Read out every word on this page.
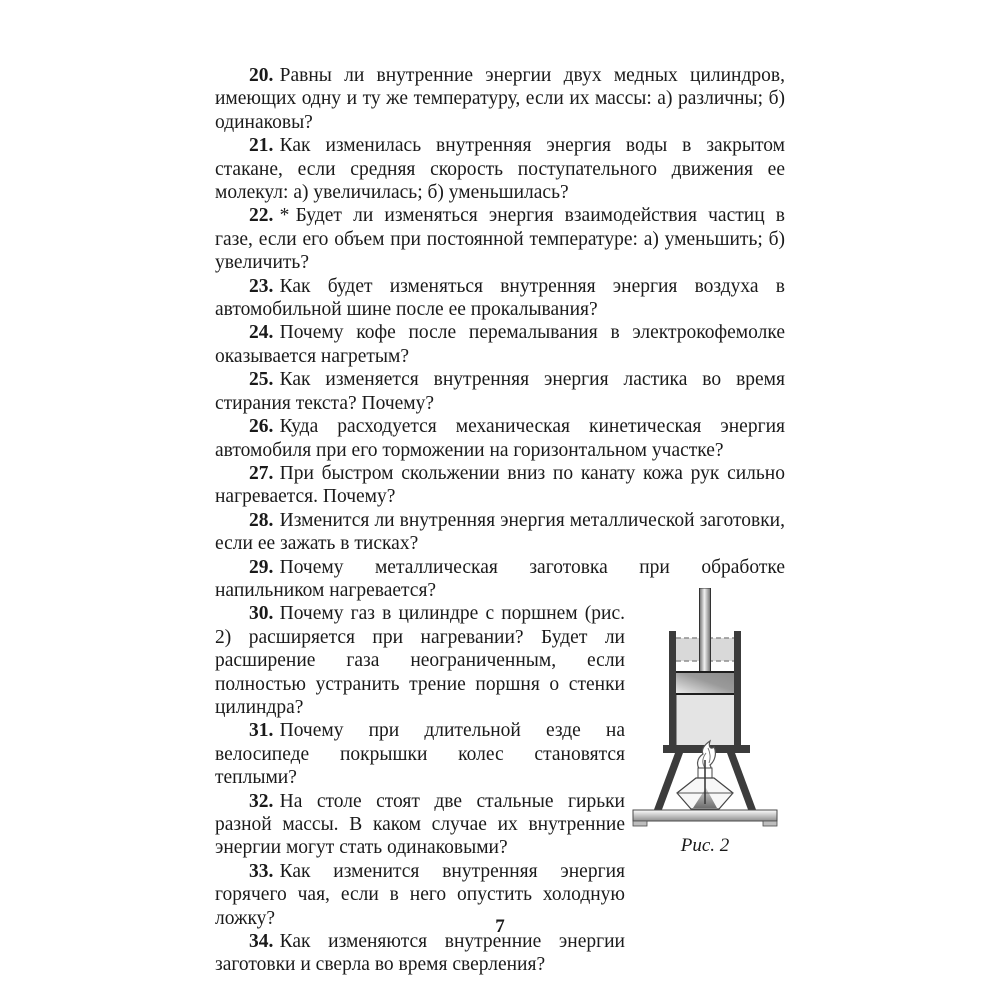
20. Равны ли внутренние энергии двух медных цилиндров, имеющих одну и ту же температуру, если их массы: а) различны; б) одинаковы?

21. Как изменилась внутренняя энергия воды в закрытом стакане, если средняя скорость поступательного движения ее молекул: а) увеличилась; б) уменьшилась?

22. * Будет ли изменяться энергия взаимодействия частиц в газе, если его объем при постоянной температуре: а) уменьшить; б) увеличить?

23. Как будет изменяться внутренняя энергия воздуха в автомобильной шине после ее прокалывания?

24. Почему кофе после перемалывания в электрокофемолке оказывается нагретым?

25. Как изменяется внутренняя энергия ластика во время стирания текста? Почему?

26. Куда расходуется механическая кинетическая энергия автомобиля при его торможении на горизонтальном участке?

27. При быстром скольжении вниз по канату кожа рук сильно нагревается. Почему?

28. Изменится ли внутренняя энергия металлической заготовки, если ее зажать в тисках?

29. Почему металлическая заготовка при обработке напильником нагревается?

Рис. 2

30. Почему газ в цилиндре с поршнем (рис. 2) расширяется при нагревании? Будет ли расширение газа неограниченным, если полностью устранить трение поршня о стенки цилиндра?

31. Почему при длительной езде на велосипеде покрышки колес становятся теплыми?

32. На столе стоят две стальные гирьки разной массы. В каком случае их внутренние энергии могут стать одинаковыми?

33. Как изменится внутренняя энергия горячего чая, если в него опустить холодную ложку?

34. Как изменяются внутренние энергии заготовки и сверла во время сверления?

7
